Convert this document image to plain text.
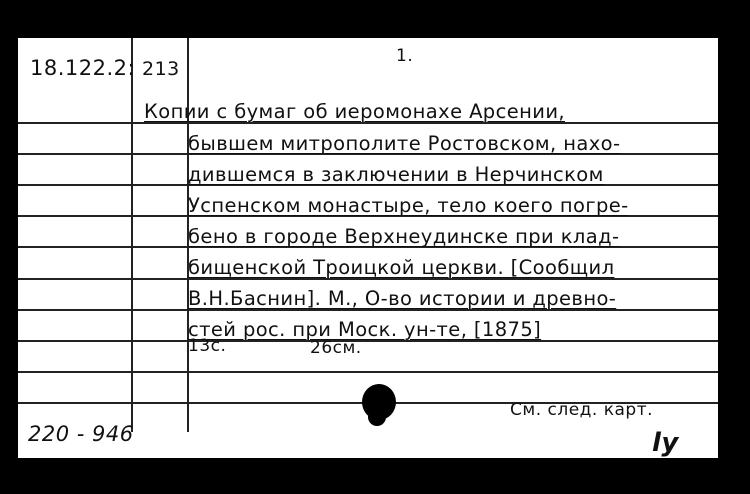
18.122.2: 213
1.
Копии с бумаг об иеромонахе Арсении,
бывшем митрополите Ростовском, нахо-
дившемся в заключении в Нерчинском
Успенском монастыре, тело коего погре-
бено в городе Верхнеудинске при клад-
бищенской Троицкой церкви. [Сообщил
В.Н.Баснин]. М., О-во истории и древно-
стей рос. при Моск. ун-те, [1875]
13с.	26см.
См. след. карт.
220 - 946	ly
